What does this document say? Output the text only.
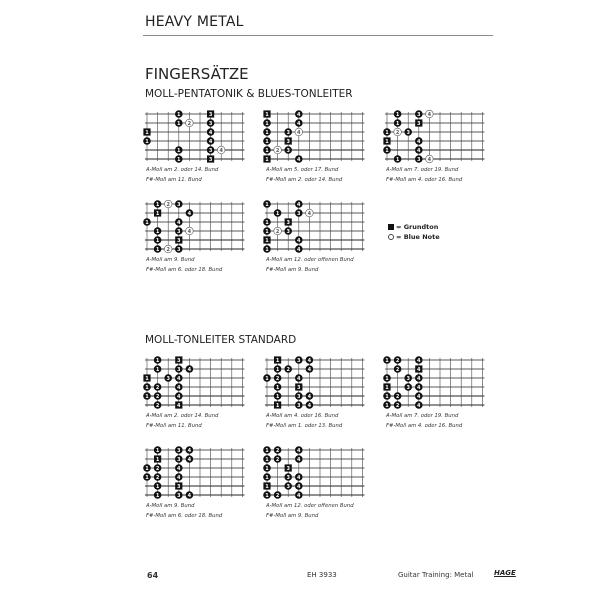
HEAVY METAL
FINGERSÄTZE
MOLL-PENTATONIK & BLUES-TONLEITER
MOLL-TONLEITER STANDARD
1	3
1 2	3
1	4
1	4
1	3 4
1	3
A-Moll am 2. oder 14. Bund
F#-Moll am 11. Bund
1	4
1	4
1	3 4
1	3
1 2 3
1	4
A-Moll am 5. oder 17. Bund
F#-Moll am 2. oder 14. Bund
1	3 4
1	3
1 2 3
1	4
1	4
1	3 4
A-Moll am 7. oder 19. Bund
F#-Moll am 4. oder 16. Bund
1 2 3
1	4
1	4
1	3 4
1	3
1 2 3
A-Moll am 9. Bund
F#-Moll am 6. oder 18. Bund
1	4
1	3 4
1	3
1 2 3
1	4
1	4
A-Moll am 12. oder offenen Bund
F#-Moll am 9. Bund
= Grundton
= Blue Note
1	3
1	3 4
1	3 4
1 2	4
1 2	4
2	4
A-Moll am 2. oder 14. Bund
F#-Moll am 11. Bund
1	3 4
1 2	4
1 2	4
1	3
1	3 4
1	3 4
A-Moll am 4. oder 16. Bund
F#-Moll am 1. oder 13. Bund
1 2	4
2	4
1	3 4
1	3 4
1 2	4
1 2	4
A-Moll am 7. oder 19. Bund
F#-Moll am 4. oder 16. Bund
1	3 4
1	3 4
1 2	4
1 2	4
1	3
1	3 4
A-Moll am 9. Bund
F#-Moll am 6. oder 18. Bund
1 2	4
1 2	4
1	3
1	3 4
1	3 4
1 2	4
A-Moll am 12. oder offenen Bund
F#-Moll am 9. Bund
64	EH 3933	Guitar Training: Metal	HAGE
